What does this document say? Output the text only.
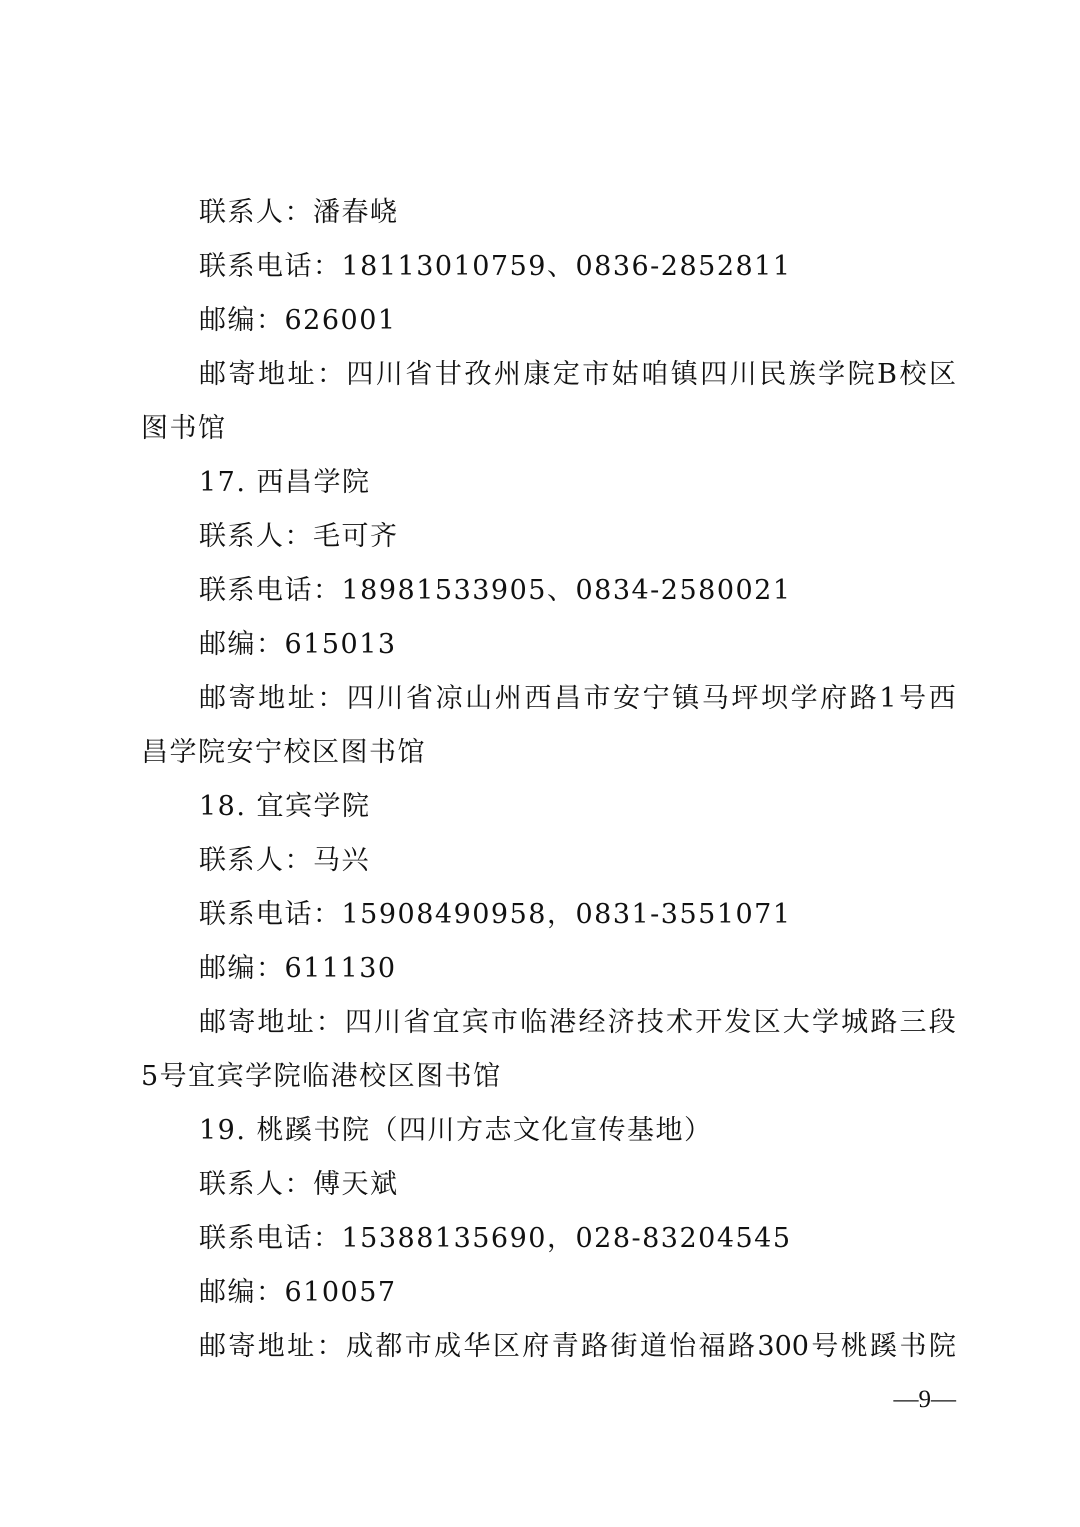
联系人：潘春峣
联系电话：18113010759、0836-2852811
邮编：626001
邮 寄 地 址 ： 四 川 省 甘 孜 州 康 定 市 姑 咱 镇 四 川 民 族 学 院 B 校 区
图书馆
17. 西昌学院
联系人：毛可齐
联系电话：18981533905、0834-2580021
邮编：615013
邮 寄 地 址 ： 四 川 省 凉 山 州 西 昌 市 安 宁 镇 马 坪 坝 学 府 路 1 号 西
昌学院安宁校区图书馆
18. 宜宾学院
联系人：马兴
联系电话：15908490958，0831-3551071
邮编：611130
邮 寄 地 址 ： 四 川 省 宜 宾 市 临 港 经 济 技 术 开 发 区 大 学 城 路 三 段
5号宜宾学院临港校区图书馆
19. 桃蹊书院（四川方志文化宣传基地）
联系人：傅天斌
联系电话：15388135690，028-83204545
邮编：610057
邮 寄 地 址 ： 成 都 市 成 华 区 府 青 路 街 道 怡 福 路 300 号 桃 蹊 书 院
—9—
